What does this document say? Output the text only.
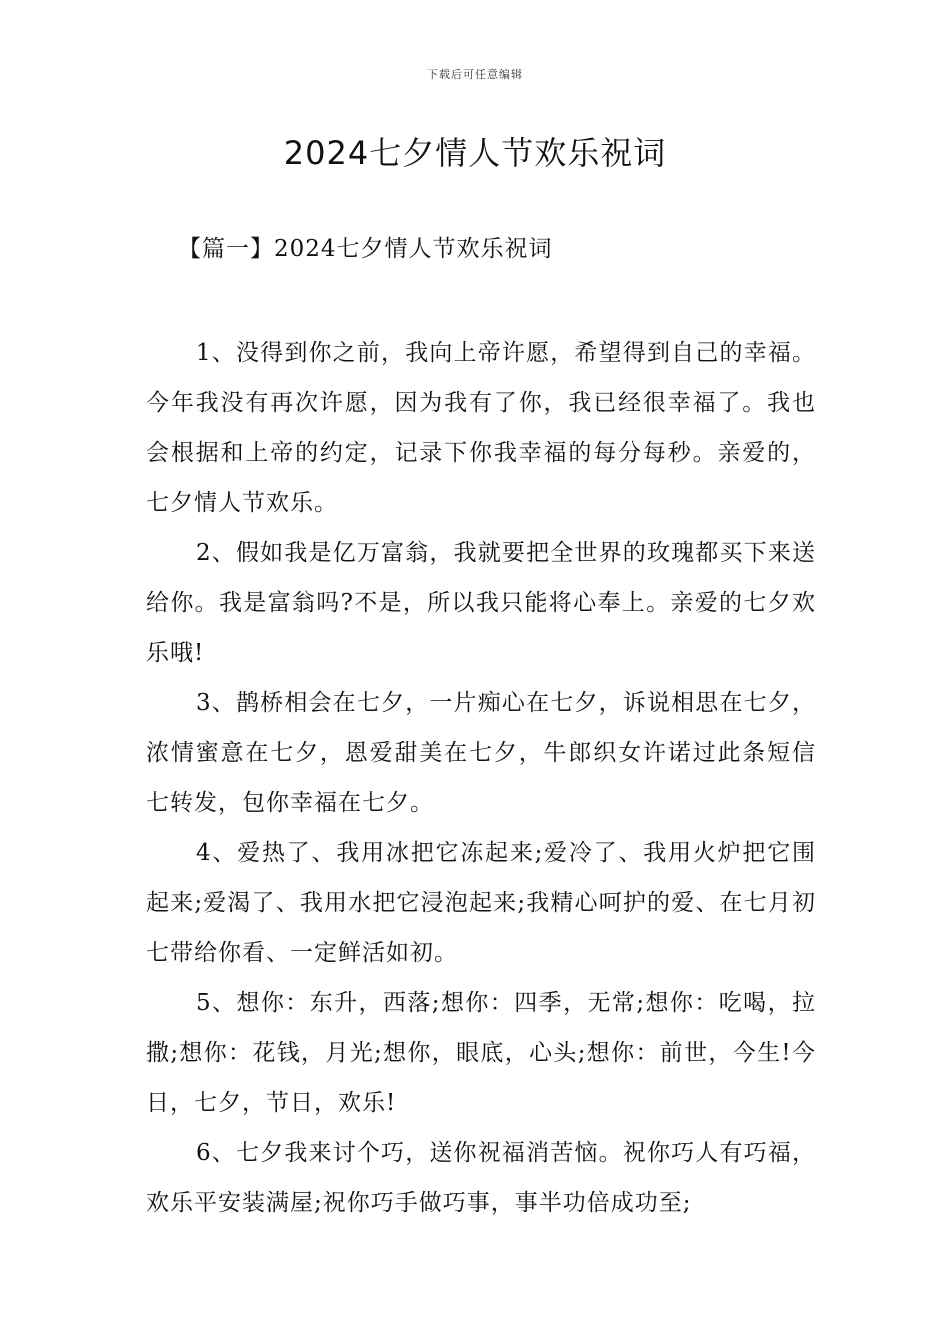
下载后可任意编辑
2024七夕情人节欢乐祝词
【篇一】2024七夕情人节欢乐祝词

1、没得到你之前，我向上帝许愿，希望得到自己的幸福。今年我没有再次许愿，因为我有了你，我已经很幸福了。我也会根据和上帝的约定，记录下你我幸福的每分每秒。亲爱的，七夕情人节欢乐。

2、假如我是亿万富翁，我就要把全世界的玫瑰都买下来送给你。我是富翁吗?不是，所以我只能将心奉上。亲爱的七夕欢乐哦!

3、鹊桥相会在七夕，一片痴心在七夕，诉说相思在七夕，浓情蜜意在七夕，恩爱甜美在七夕，牛郎织女许诺过此条短信七转发，包你幸福在七夕。

4、爱热了、我用冰把它冻起来;爱冷了、我用火炉把它围起来;爱渴了、我用水把它浸泡起来;我精心呵护的爱、在七月初七带给你看、一定鲜活如初。

5、想你：东升，西落;想你：四季，无常;想你：吃喝，拉撒;想你：花钱，月光;想你，眼底，心头;想你：前世，今生!今日，七夕，节日，欢乐!

6、七夕我来讨个巧，送你祝福消苦恼。祝你巧人有巧福，欢乐平安装满屋;祝你巧手做巧事，事半功倍成功至;
